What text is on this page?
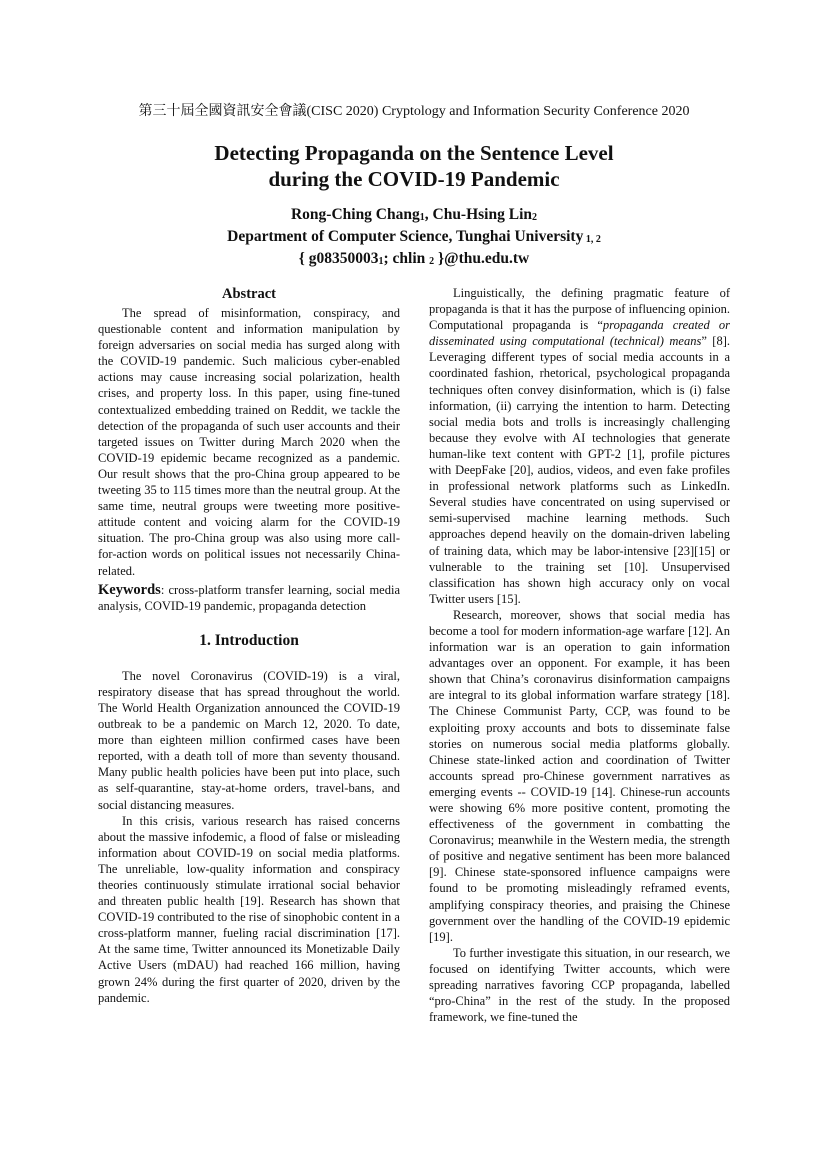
第三十屆全國資訊安全會議(CISC 2020) Cryptology and Information Security Conference 2020
Detecting Propaganda on the Sentence Level
during the COVID-19 Pandemic
Rong-Ching Chang$_1$, Chu-Hsing Lin$_2$
Department of Computer Science, Tunghai University $_{1, 2}$
{ $g08350003_1$; chlin $_2$ }@thu.edu.tw
Abstract

The spread of misinformation, conspiracy, and questionable content and information manipulation by foreign adversaries on social media has surged along with the COVID-19 pandemic. Such malicious cyber-enabled actions may cause increasing social polarization, health crises, and property loss. In this paper, using fine-tuned contextualized embedding trained on Reddit, we tackle the detection of the propaganda of such user accounts and their targeted issues on Twitter during March 2020 when the COVID-19 epidemic became recognized as a pandemic. Our result shows that the pro-China group appeared to be tweeting 35 to 115 times more than the neutral group. At the same time, neutral groups were tweeting more positive-attitude content and voicing alarm for the COVID-19 situation. The pro-China group was also using more call-for-action words on political issues not necessarily China-related.

Keywords: cross-platform transfer learning, social media analysis, COVID-19 pandemic, propaganda detection

1. Introduction

The novel Coronavirus (COVID-19) is a viral, respiratory disease that has spread throughout the world. The World Health Organization announced the COVID-19 outbreak to be a pandemic on March 12, 2020. To date, more than eighteen million confirmed cases have been reported, with a death toll of more than seventy thousand. Many public health policies have been put into place, such as self-quarantine, stay-at-home orders, travel-bans, and social distancing measures.

In this crisis, various research has raised concerns about the massive infodemic, a flood of false or misleading information about COVID-19 on social media platforms. The unreliable, low-quality information and conspiracy theories continuously stimulate irrational social behavior and threaten public health [19]. Research has shown that COVID-19 contributed to the rise of sinophobic content in a cross-platform manner, fueling racial discrimination [17]. At the same time, Twitter announced its Monetizable Daily Active Users (mDAU) had reached 166 million, having grown 24% during the first quarter of 2020, driven by the pandemic.

Linguistically, the defining pragmatic feature of propaganda is that it has the purpose of influencing opinion. Computational propaganda is “propaganda created or disseminated using computational (technical) means” [8]. Leveraging different types of social media accounts in a coordinated fashion, rhetorical, psychological propaganda techniques often convey disinformation, which is (i) false information, (ii) carrying the intention to harm. Detecting social media bots and trolls is increasingly challenging because they evolve with AI technologies that generate human-like text content with GPT-2 [1], profile pictures with DeepFake [20], audios, videos, and even fake profiles in professional network platforms such as LinkedIn. Several studies have concentrated on using supervised or semi-supervised machine learning methods. Such approaches depend heavily on the domain-driven labeling of training data, which may be labor-intensive [23][15] or vulnerable to the training set [10]. Unsupervised classification has shown high accuracy only on vocal Twitter users [15].

Research, moreover, shows that social media has become a tool for modern information-age warfare [12]. An information war is an operation to gain information advantages over an opponent. For example, it has been shown that China’s coronavirus disinformation campaigns are integral to its global information warfare strategy [18]. The Chinese Communist Party, CCP, was found to be exploiting proxy accounts and bots to disseminate false stories on numerous social media platforms globally. Chinese state-linked action and coordination of Twitter accounts spread pro-Chinese government narratives as emerging events -- COVID-19 [14]. Chinese-run accounts were showing 6% more positive content, promoting the effectiveness of the government in combatting the Coronavirus; meanwhile in the Western media, the strength of positive and negative sentiment has been more balanced [9]. Chinese state-sponsored influence campaigns were found to be promoting misleadingly reframed events, amplifying conspiracy theories, and praising the Chinese government over the handling of the COVID-19 epidemic [19].

To further investigate this situation, in our research, we focused on identifying Twitter accounts, which were spreading narratives favoring CCP propaganda, labelled “pro-China” in the rest of the study. In the proposed framework, we fine-tuned the
